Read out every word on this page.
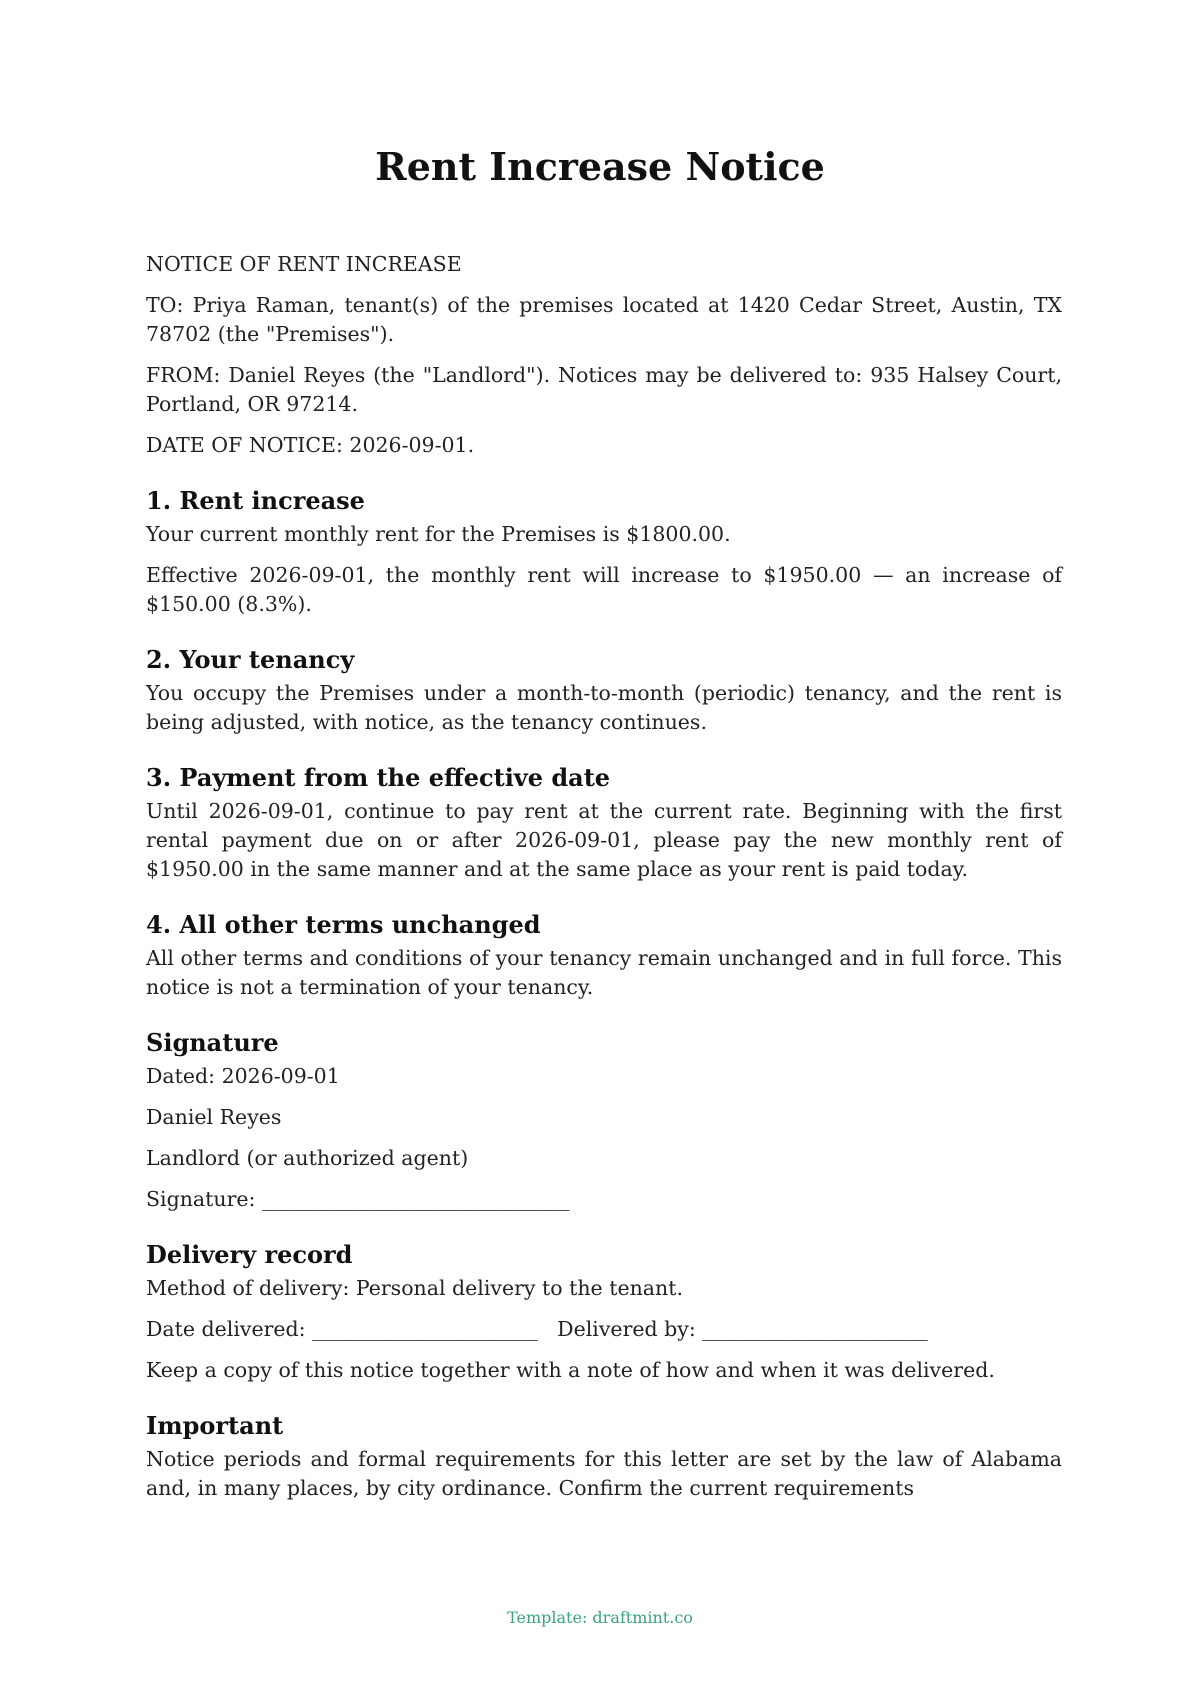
Rent Increase Notice

NOTICE OF RENT INCREASE

TO: Priya Raman, tenant(s) of the premises located at 1420 Cedar Street, Austin, TX 78702 (the "Premises").

FROM: Daniel Reyes (the "Landlord"). Notices may be delivered to: 935 Halsey Court, Portland, OR 97214.

DATE OF NOTICE: 2026-09-01.

1. Rent increase

Your current monthly rent for the Premises is $1800.00.

Effective 2026-09-01, the monthly rent will increase to $1950.00 — an increase of $150.00 (8.3%).

2. Your tenancy

You occupy the Premises under a month-to-month (periodic) tenancy, and the rent is being adjusted, with notice, as the tenancy continues.

3. Payment from the effective date

Until 2026-09-01, continue to pay rent at the current rate. Beginning with the first rental payment due on or after 2026-09-01, please pay the new monthly rent of $1950.00 in the same manner and at the same place as your rent is paid today.

4. All other terms unchanged

All other terms and conditions of your tenancy remain unchanged and in full force. This notice is not a termination of your tenancy.

Signature

Dated: 2026-09-01

Daniel Reyes

Landlord (or authorized agent)

Signature: ______________________________

Delivery record

Method of delivery: Personal delivery to the tenant.

Date delivered: ______________________ Delivered by: ______________________

Keep a copy of this notice together with a note of how and when it was delivered.

Important

Notice periods and formal requirements for this letter are set by the law of Alabama and, in many places, by city ordinance. Confirm the current requirements

Template: draftmint.co
